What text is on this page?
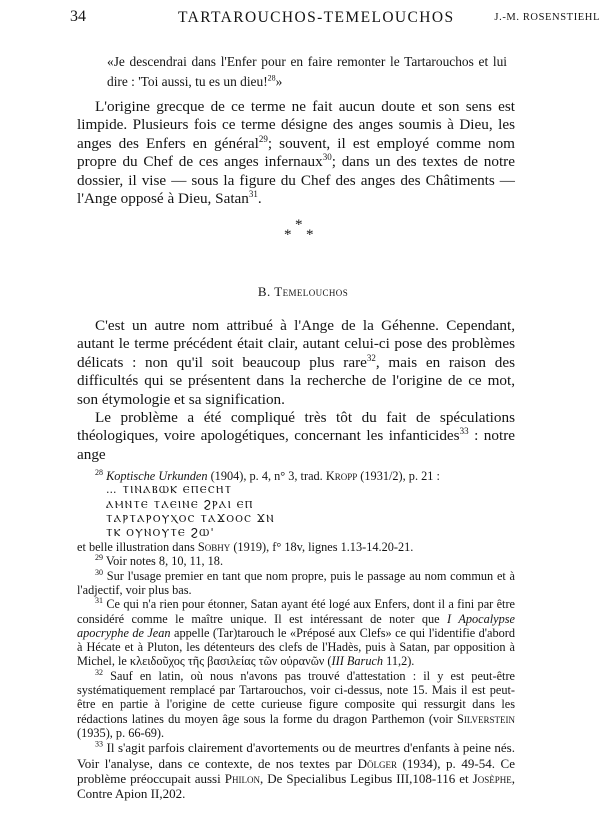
34	TARTAROUCHOS-TEMELOUCHOS	J.-M. ROSENSTIEHL

«Je descendrai dans l'Enfer pour en faire remonter le Tartarouchos et lui dire : 'Toi aussi, tu es un dieu!$^{28}$»

L'origine grecque de ce terme ne fait aucun doute et son sens est limpide. Plusieurs fois ce terme désigne des anges soumis à Dieu, les anges des Enfers en général$^{29}$; souvent, il est employé comme nom propre du Chef de ces anges infernaux$^{30}$; dans un des textes de notre dossier, il vise — sous la figure du Chef des anges des Châtiments — l'Ange opposé à Dieu, Satan$^{31}$.

*
* *
B. Temelouchos

C'est un autre nom attribué à l'Ange de la Géhenne. Cependant, autant le terme précédent était clair, autant celui-ci pose des problèmes délicats : non qu'il soit beaucoup plus rare$^{32}$, mais en raison des difficultés qui se présentent dans la recherche de l'origine de ce mot, son étymologie et sa signification.

Le problème a été compliqué très tôt du fait de spéculations théologiques, voire apologétiques, concernant les infanticides$^{33}$ : notre ange

$^{28}$ Koptische Urkunden (1904), p. 4, n° 3, trad. Kropp (1931/2), p. 21 :

… ⲦⲒⲚⲀⲂⲰⲔ ⲈⲠⲈⲤⲎⲦ
ⲀⲘⲚⲦⲈ ⲦⲀⲈⲒⲚⲈ ϨⲢⲀⲒ ⲈⲠ
ⲦⲀⲢⲦⲀⲢⲞⲨⲬⲞⲤ ⲦⲀϪⲞⲞⲤ ϪⲚ
ⲦⲔ ⲞⲨⲚⲞⲨⲦⲈ ϨⲰ'

et belle illustration dans Sobhy (1919), f° 18v, lignes 1.13-14.20-21.

$^{29}$ Voir notes 8, 10, 11, 18.

$^{30}$ Sur l'usage premier en tant que nom propre, puis le passage au nom commun et à l'adjectif, voir plus bas.

$^{31}$ Ce qui n'a rien pour étonner, Satan ayant été logé aux Enfers, dont il a fini par être considéré comme le maître unique. Il est intéressant de noter que I Apocalypse apocryphe de Jean appelle (Tar)tarouch le «Préposé aux Clefs» ce qui l'identifie d'abord à Hécate et à Pluton, les détenteurs des clefs de l'Hadès, puis à Satan, par opposition à Michel, le κλειδοῦχος τῆς βασιλείας τῶν οὐρανῶν (III Baruch 11,2).

$^{32}$ Sauf en latin, où nous n'avons pas trouvé d'attestation : il y est peut-être systématiquement remplacé par Tartarouchos, voir ci-dessus, note 15. Mais il est peut-être en partie à l'origine de cette curieuse figure composite qui ressurgit dans les rédactions latines du moyen âge sous la forme du dragon Parthemon (voir Silverstein (1935), p. 66-69).

$^{33}$ Il s'agit parfois clairement d'avortements ou de meurtres d'enfants à peine nés. Voir l'analyse, dans ce contexte, de nos textes par Dölger (1934), p. 49-54. Ce problème préoccupait aussi Philon, De Specialibus Legibus III,108-116 et Josèphe, Contre Apion II,202.
